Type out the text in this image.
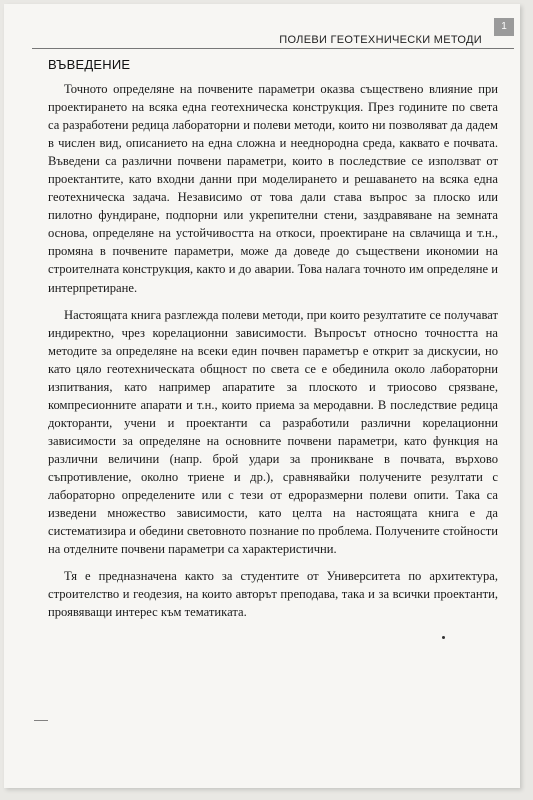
ПОЛЕВИ ГЕОТЕХНИЧЕСКИ МЕТОДИ
1
ВЪВЕДЕНИЕ

Точното определяне на почвените параметри оказва съществено влияние при проектирането на всяка една геотехническа конструкция. През годините по света са разработени редица лабораторни и полеви методи, които ни позволяват да дадем в числен вид, описанието на една сложна и нееднородна среда, каквато е почвата. Въведени са различни почвени параметри, които в последствие се използват от проектантите, като входни данни при моделирането и решаването на всяка една геотехническа задача. Независимо от това дали става въпрос за плоско или пилотно фундиране, подпорни или укрепителни стени, заздравяване на земната основа, определяне на устойчивостта на откоси, проектиране на свлачища и т.н., промяна в почвените параметри, може да доведе до съществени икономии на строителната конструкция, както и до аварии. Това налага точното им определяне и интерпретиране.

Настоящата книга разглежда полеви методи, при които резултатите се получават индиректно, чрез корелационни зависимости. Въпросът относно точността на методите за определяне на всеки един почвен параметър е открит за дискусии, но като цяло геотехническата общност по света се е обединила около лабораторни изпитвания, като например апаратите за плоското и триосово срязване, компресионните апарати и т.н., които приема за меродавни. В последствие редица докторанти, учени и проектанти са разработили различни корелационни зависимости за определяне на основните почвени параметри, като функция на различни величини (напр. брой удари за проникване в почвата, върхово съпротивление, околно триене и др.), сравнявайки получените резултати с лабораторно определените или с тези от едроразмерни полеви опити. Така са изведени множество зависимости, като целта на настоящата книга е да систематизира и обедини световното познание по проблема. Получените стойности на отделните почвени параметри са характеристични.

Тя е предназначена както за студентите от Университета по архитектура, строителство и геодезия, на които авторът преподава, така и за всички проектанти, проявяващи интерес към тематиката.
